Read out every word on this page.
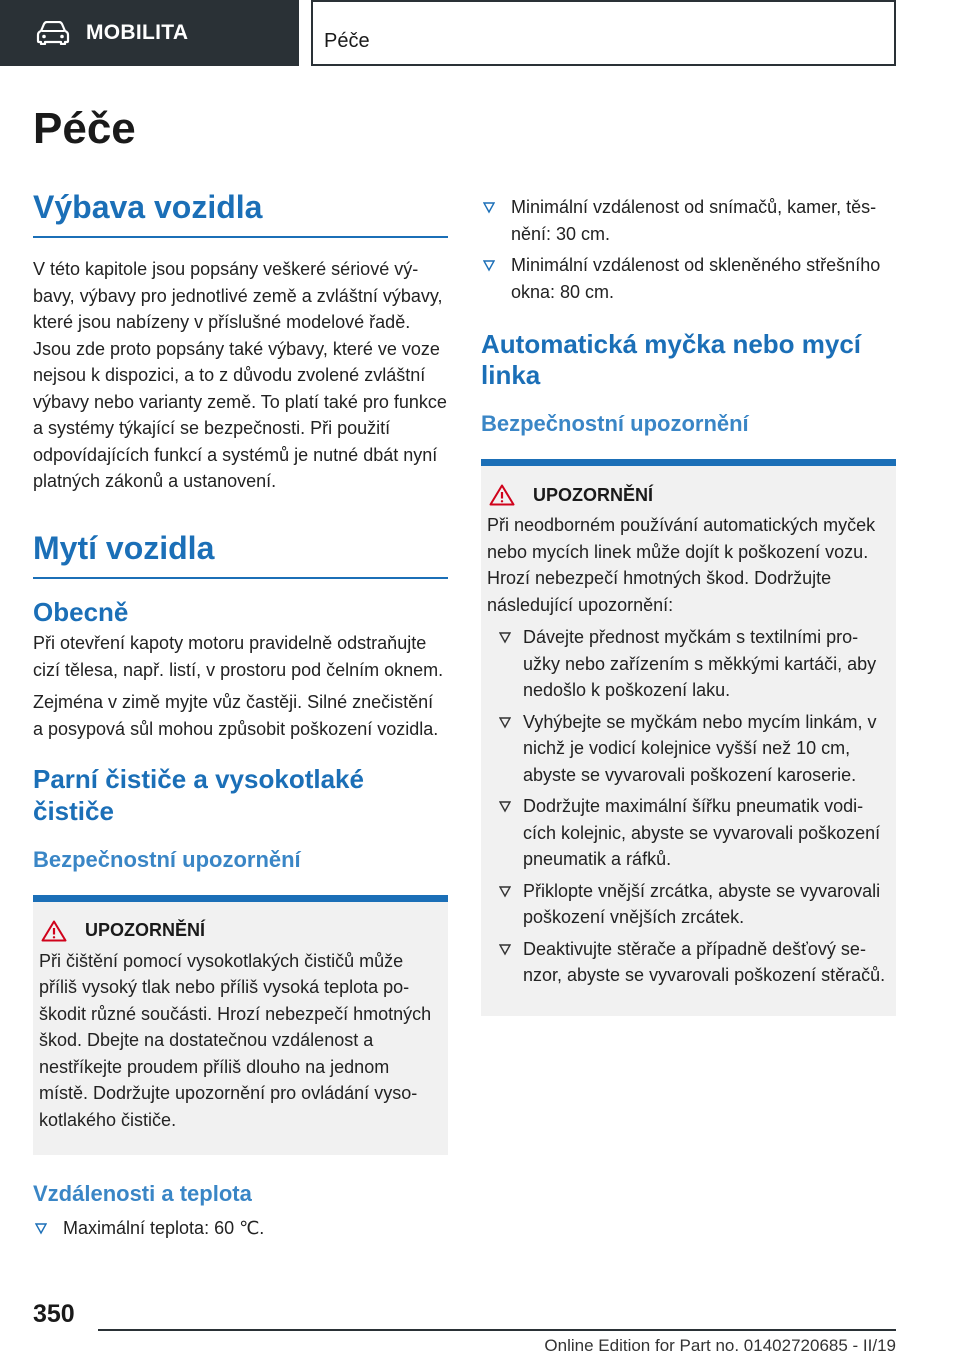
MOBILITA	Péče
Péče
Výbava vozidla

V této kapitole jsou popsány veškeré sériové výbavy, výbavy pro jednotlivé země a zvláštní výbavy, které jsou nabízeny v příslušné modelové řadě. Jsou zde proto popsány také výbavy, které ve voze nejsou k dispozici, a to z důvodu zvolené zvláštní výbavy nebo varianty země. To platí také pro funkce a systémy týkající se bezpečnosti. Při použití odpovídajících funkcí a systémů je nutné dbát nyní platných zákonů a ustanovení.

Mytí vozidla
Obecně

Při otevření kapoty motoru pravidelně odstraňujte cizí tělesa, např. listí, v prostoru pod čelním oknem.

Zejména v zimě myjte vůz častěji. Silné znečistění a posypová sůl mohou způsobit poškození vozidla.

Parní čističe a vysokotlaké čističe
Bezpečnostní upozornění
UPOZORNĚNÍ

Při čištění pomocí vysokotlakých čističů může příliš vysoký tlak nebo příliš vysoká teplota poškodit různé součásti. Hrozí nebezpečí hmotných škod. Dbejte na dostatečnou vzdálenost a nestříkejte proudem příliš dlouho na jednom místě. Dodržujte upozornění pro ovládání vysokotlakého čističe.

Vzdálenosti a teplota
Maximální teplota: 60 ℃.
Minimální vzdálenost od snímačů, kamer, těsnění: 30 cm.
Minimální vzdálenost od skleněného střešního okna: 80 cm.
Automatická myčka nebo mycí linka
Bezpečnostní upozornění
UPOZORNĚNÍ

Při neodborném používání automatických myček nebo mycích linek může dojít k poškození vozu. Hrozí nebezpečí hmotných škod. Dodržujte následující upozornění:

Dávejte přednost myčkám s textilními proužky nebo zařízením s měkkými kartáči, aby nedošlo k poškození laku.
Vyhýbejte se myčkám nebo mycím linkám, v nichž je vodicí kolejnice vyšší než 10 cm, abyste se vyvarovali poškození karoserie.
Dodržujte maximální šířku pneumatik vodicích kolejnic, abyste se vyvarovali poškození pneumatik a ráfků.
Přiklopte vnější zrcátka, abyste se vyvarovali poškození vnějších zrcátek.
Deaktivujte stěrače a případně dešťový senzor, abyste se vyvarovali poškození stěračů.
350
Online Edition for Part no. 01402720685 - II/19
